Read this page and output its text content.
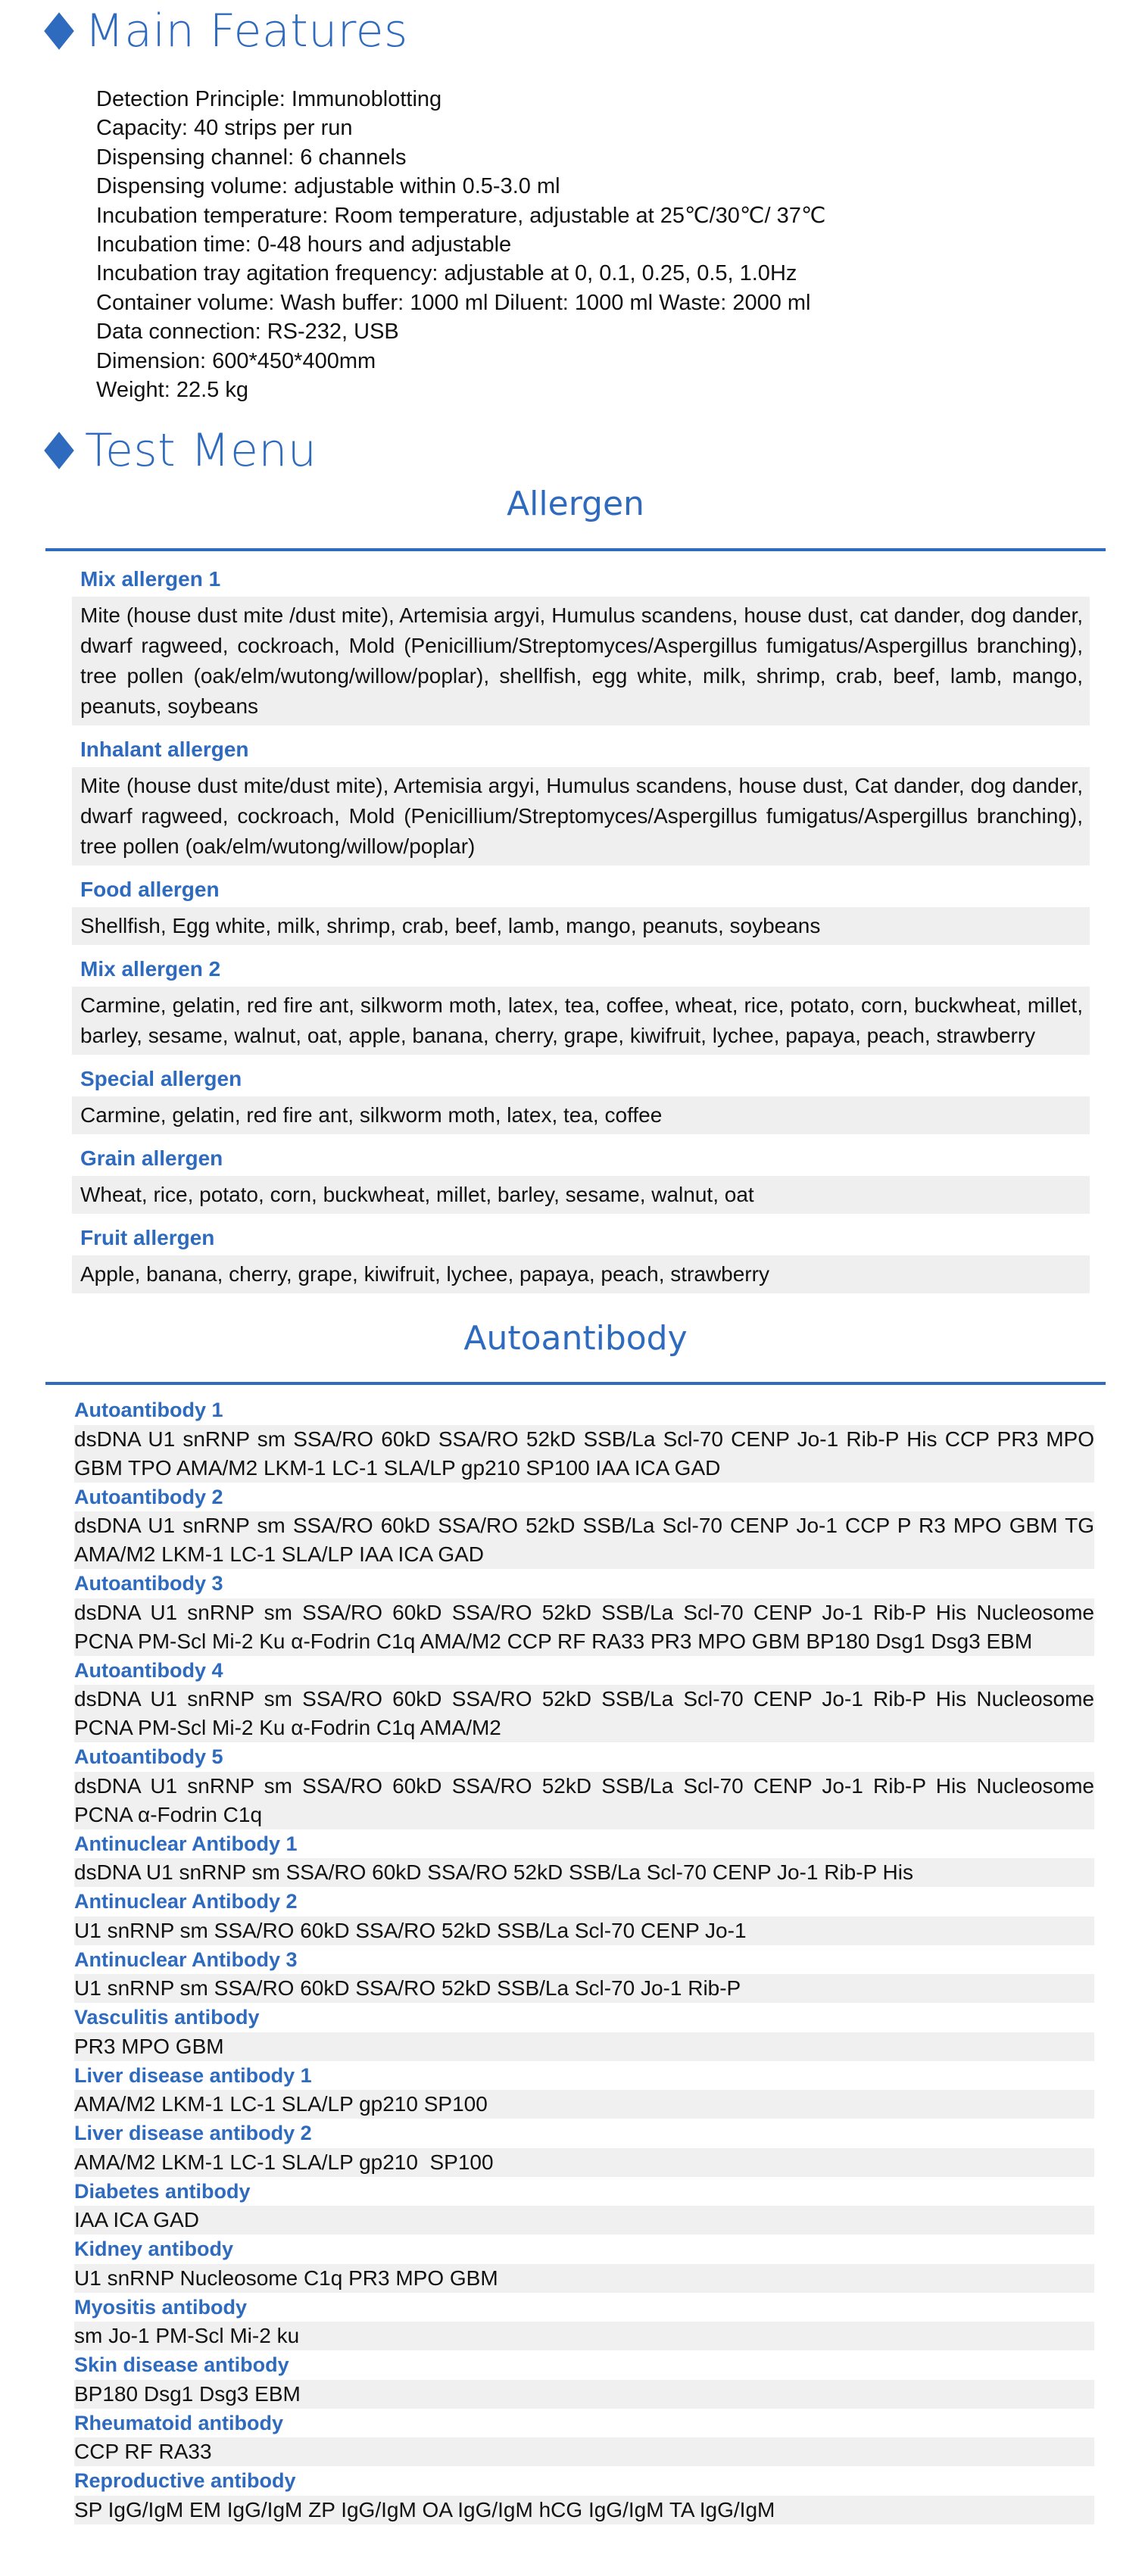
Main Features
Detection Principle: Immunoblotting
Capacity: 40 strips per run
Dispensing channel: 6 channels
Dispensing volume: adjustable within 0.5-3.0 ml
Incubation temperature: Room temperature, adjustable at 25℃/30℃/ 37℃
Incubation time: 0-48 hours and adjustable
Incubation tray agitation frequency: adjustable at 0, 0.1, 0.25, 0.5, 1.0Hz
Container volume: Wash buffer: 1000 ml Diluent: 1000 ml Waste: 2000 ml
Data connection: RS-232, USB
Dimension: 600*450*400mm
Weight: 22.5 kg
Test Menu
Allergen
Mix allergen 1
Mite (house dust mite /dust mite), Artemisia argyi, Humulus scandens, house dust, cat dander, dog dander, dwarf ragweed, cockroach, Mold (Penicillium/Streptomyces/Aspergillus fumigatus/Aspergillus branching), tree pollen (oak/elm/wutong/willow/poplar), shellfish, egg white, milk, shrimp, crab, beef, lamb, mango, peanuts, soybeans
Inhalant allergen
Mite (house dust mite/dust mite), Artemisia argyi, Humulus scandens, house dust, Cat dander, dog dander, dwarf ragweed, cockroach, Mold (Penicillium/Streptomyces/Aspergillus fumigatus/Aspergillus branching), tree pollen (oak/elm/wutong/willow/poplar)
Food allergen
Shellfish, Egg white, milk, shrimp, crab, beef, lamb, mango, peanuts, soybeans
Mix allergen 2
Carmine, gelatin, red fire ant, silkworm moth, latex, tea, coffee, wheat, rice, potato, corn, buckwheat, millet, barley, sesame, walnut, oat, apple, banana, cherry, grape, kiwifruit, lychee, papaya, peach, strawberry
Special allergen
Carmine, gelatin, red fire ant, silkworm moth, latex, tea, coffee
Grain allergen
Wheat, rice, potato, corn, buckwheat, millet, barley, sesame, walnut, oat
Fruit allergen
Apple, banana, cherry, grape, kiwifruit, lychee, papaya, peach, strawberry
Autoantibody
Autoantibody 1
dsDNA U1 snRNP sm SSA/RO 60kD SSA/RO 52kD SSB/La Scl-70 CENP Jo-1 Rib-P His CCP PR3 MPO GBM TPO AMA/M2 LKM-1 LC-1 SLA/LP gp210 SP100 IAA ICA GAD
Autoantibody 2
dsDNA U1 snRNP sm SSA/RO 60kD SSA/RO 52kD SSB/La Scl-70 CENP Jo-1 CCP P R3 MPO GBM TG AMA/M2 LKM-1 LC-1 SLA/LP IAA ICA GAD
Autoantibody 3
dsDNA U1 snRNP sm SSA/RO 60kD SSA/RO 52kD SSB/La Scl-70 CENP Jo-1 Rib-P His Nucleosome PCNA PM-Scl Mi-2 Ku α-Fodrin C1q AMA/M2 CCP RF RA33 PR3 MPO GBM BP180 Dsg1 Dsg3 EBM
Autoantibody 4
dsDNA U1 snRNP sm SSA/RO 60kD SSA/RO 52kD SSB/La Scl-70 CENP Jo-1 Rib-P His Nucleosome PCNA PM-Scl Mi-2 Ku α-Fodrin C1q AMA/M2
Autoantibody 5
dsDNA U1 snRNP sm SSA/RO 60kD SSA/RO 52kD SSB/La Scl-70 CENP Jo-1 Rib-P His Nucleosome PCNA α-Fodrin C1q
Antinuclear Antibody 1
dsDNA U1 snRNP sm SSA/RO 60kD SSA/RO 52kD SSB/La Scl-70 CENP Jo-1 Rib-P His
Antinuclear Antibody 2
U1 snRNP sm SSA/RO 60kD SSA/RO 52kD SSB/La Scl-70 CENP Jo-1
Antinuclear Antibody 3
U1 snRNP sm SSA/RO 60kD SSA/RO 52kD SSB/La Scl-70 Jo-1 Rib-P
Vasculitis antibody
PR3 MPO GBM
Liver disease antibody 1
AMA/M2 LKM-1 LC-1 SLA/LP gp210 SP100
Liver disease antibody 2
AMA/M2 LKM-1 LC-1 SLA/LP gp210  SP100
Diabetes antibody
IAA ICA GAD
Kidney antibody
U1 snRNP Nucleosome C1q PR3 MPO GBM
Myositis antibody
sm Jo-1 PM-Scl Mi-2 ku
Skin disease antibody
BP180 Dsg1 Dsg3 EBM
Rheumatoid antibody
CCP RF RA33
Reproductive antibody
SP IgG/IgM EM IgG/IgM ZP IgG/IgM OA IgG/IgM hCG IgG/IgM TA IgG/IgM
